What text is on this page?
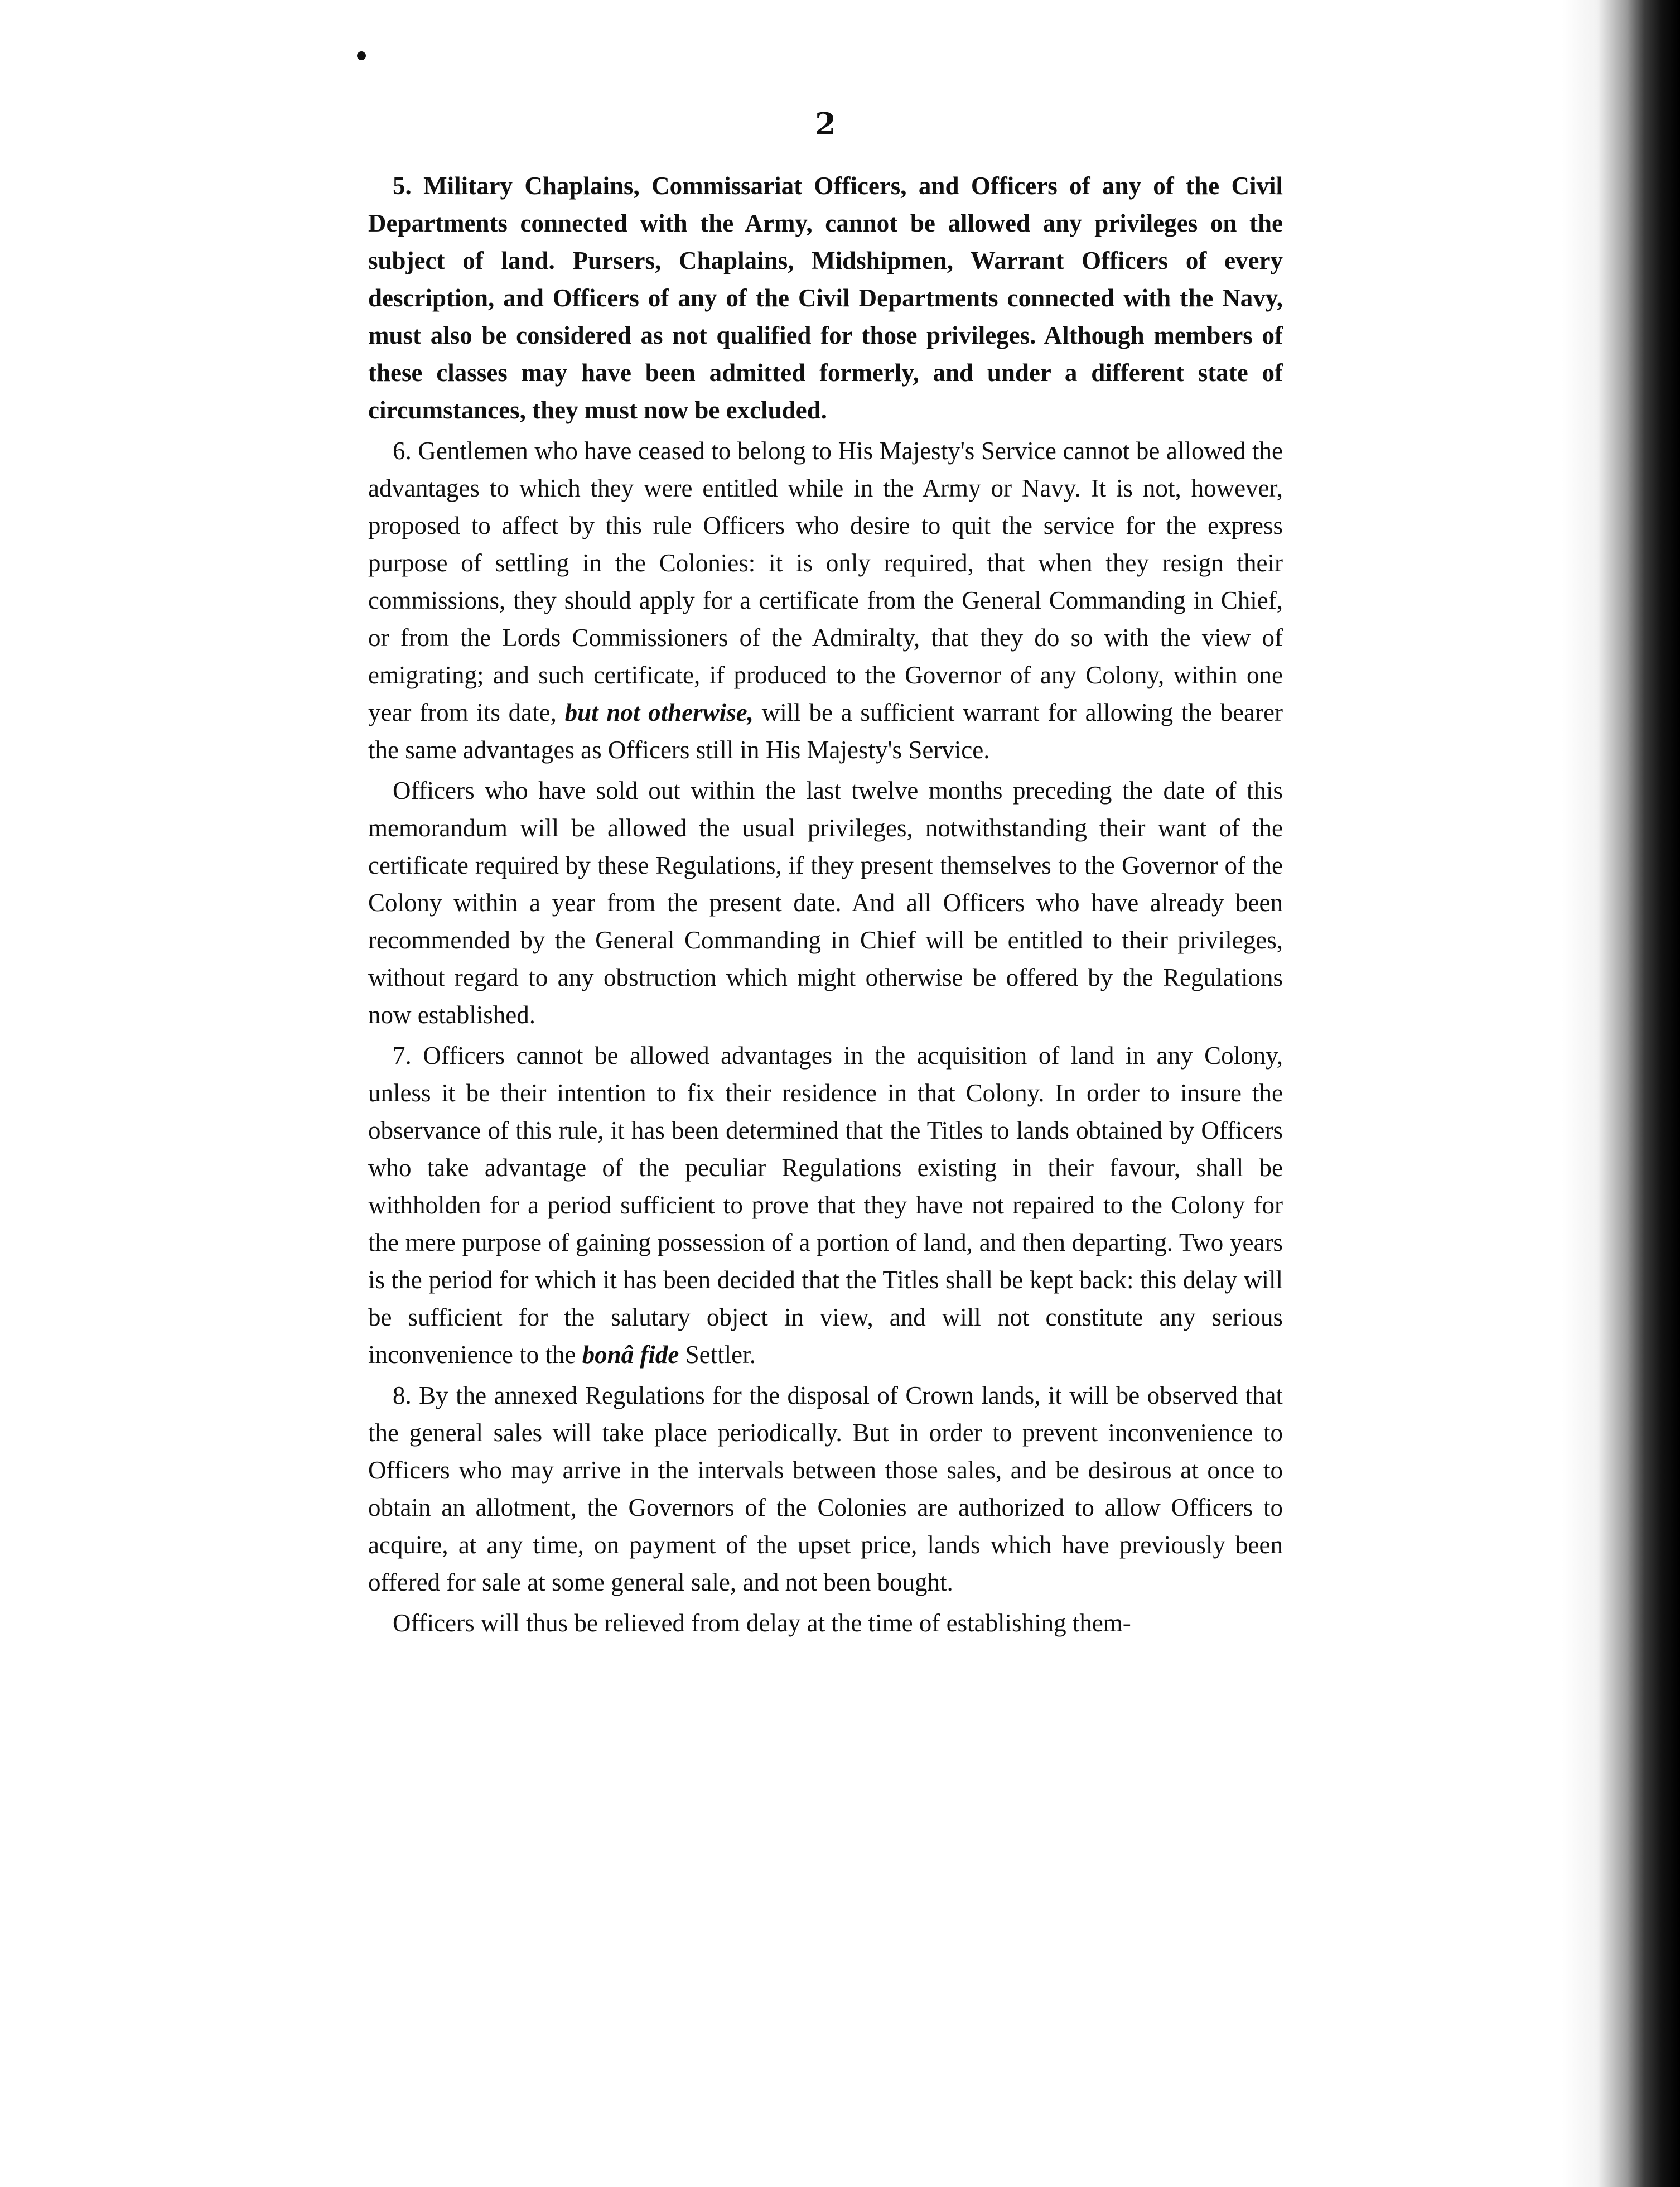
2

5. Military Chaplains, Commissariat Officers, and Officers of any of the Civil Departments connected with the Army, cannot be allowed any privileges on the subject of land. Pursers, Chaplains, Midshipmen, Warrant Officers of every description, and Officers of any of the Civil Departments connected with the Navy, must also be considered as not qualified for those privileges. Although members of these classes may have been admitted formerly, and under a different state of circumstances, they must now be excluded.

6. Gentlemen who have ceased to belong to His Majesty's Service cannot be allowed the advantages to which they were entitled while in the Army or Navy. It is not, however, proposed to affect by this rule Officers who desire to quit the service for the express purpose of settling in the Colonies: it is only required, that when they resign their commissions, they should apply for a certificate from the General Commanding in Chief, or from the Lords Commissioners of the Admiralty, that they do so with the view of emigrating; and such certificate, if produced to the Governor of any Colony, within one year from its date, but not otherwise, will be a sufficient warrant for allowing the bearer the same advantages as Officers still in His Majesty's Service.

Officers who have sold out within the last twelve months preceding the date of this memorandum will be allowed the usual privileges, notwithstanding their want of the certificate required by these Regulations, if they present themselves to the Governor of the Colony within a year from the present date. And all Officers who have already been recommended by the General Commanding in Chief will be entitled to their privileges, without regard to any obstruction which might otherwise be offered by the Regulations now established.

7. Officers cannot be allowed advantages in the acquisition of land in any Colony, unless it be their intention to fix their residence in that Colony. In order to insure the observance of this rule, it has been determined that the Titles to lands obtained by Officers who take advantage of the peculiar Regulations existing in their favour, shall be withholden for a period sufficient to prove that they have not repaired to the Colony for the mere purpose of gaining possession of a portion of land, and then departing. Two years is the period for which it has been decided that the Titles shall be kept back: this delay will be sufficient for the salutary object in view, and will not constitute any serious inconvenience to the bonâ fide Settler.

8. By the annexed Regulations for the disposal of Crown lands, it will be observed that the general sales will take place periodically. But in order to prevent inconvenience to Officers who may arrive in the intervals between those sales, and be desirous at once to obtain an allotment, the Governors of the Colonies are authorized to allow Officers to acquire, at any time, on payment of the upset price, lands which have previously been offered for sale at some general sale, and not been bought.

Officers will thus be relieved from delay at the time of establishing them-
